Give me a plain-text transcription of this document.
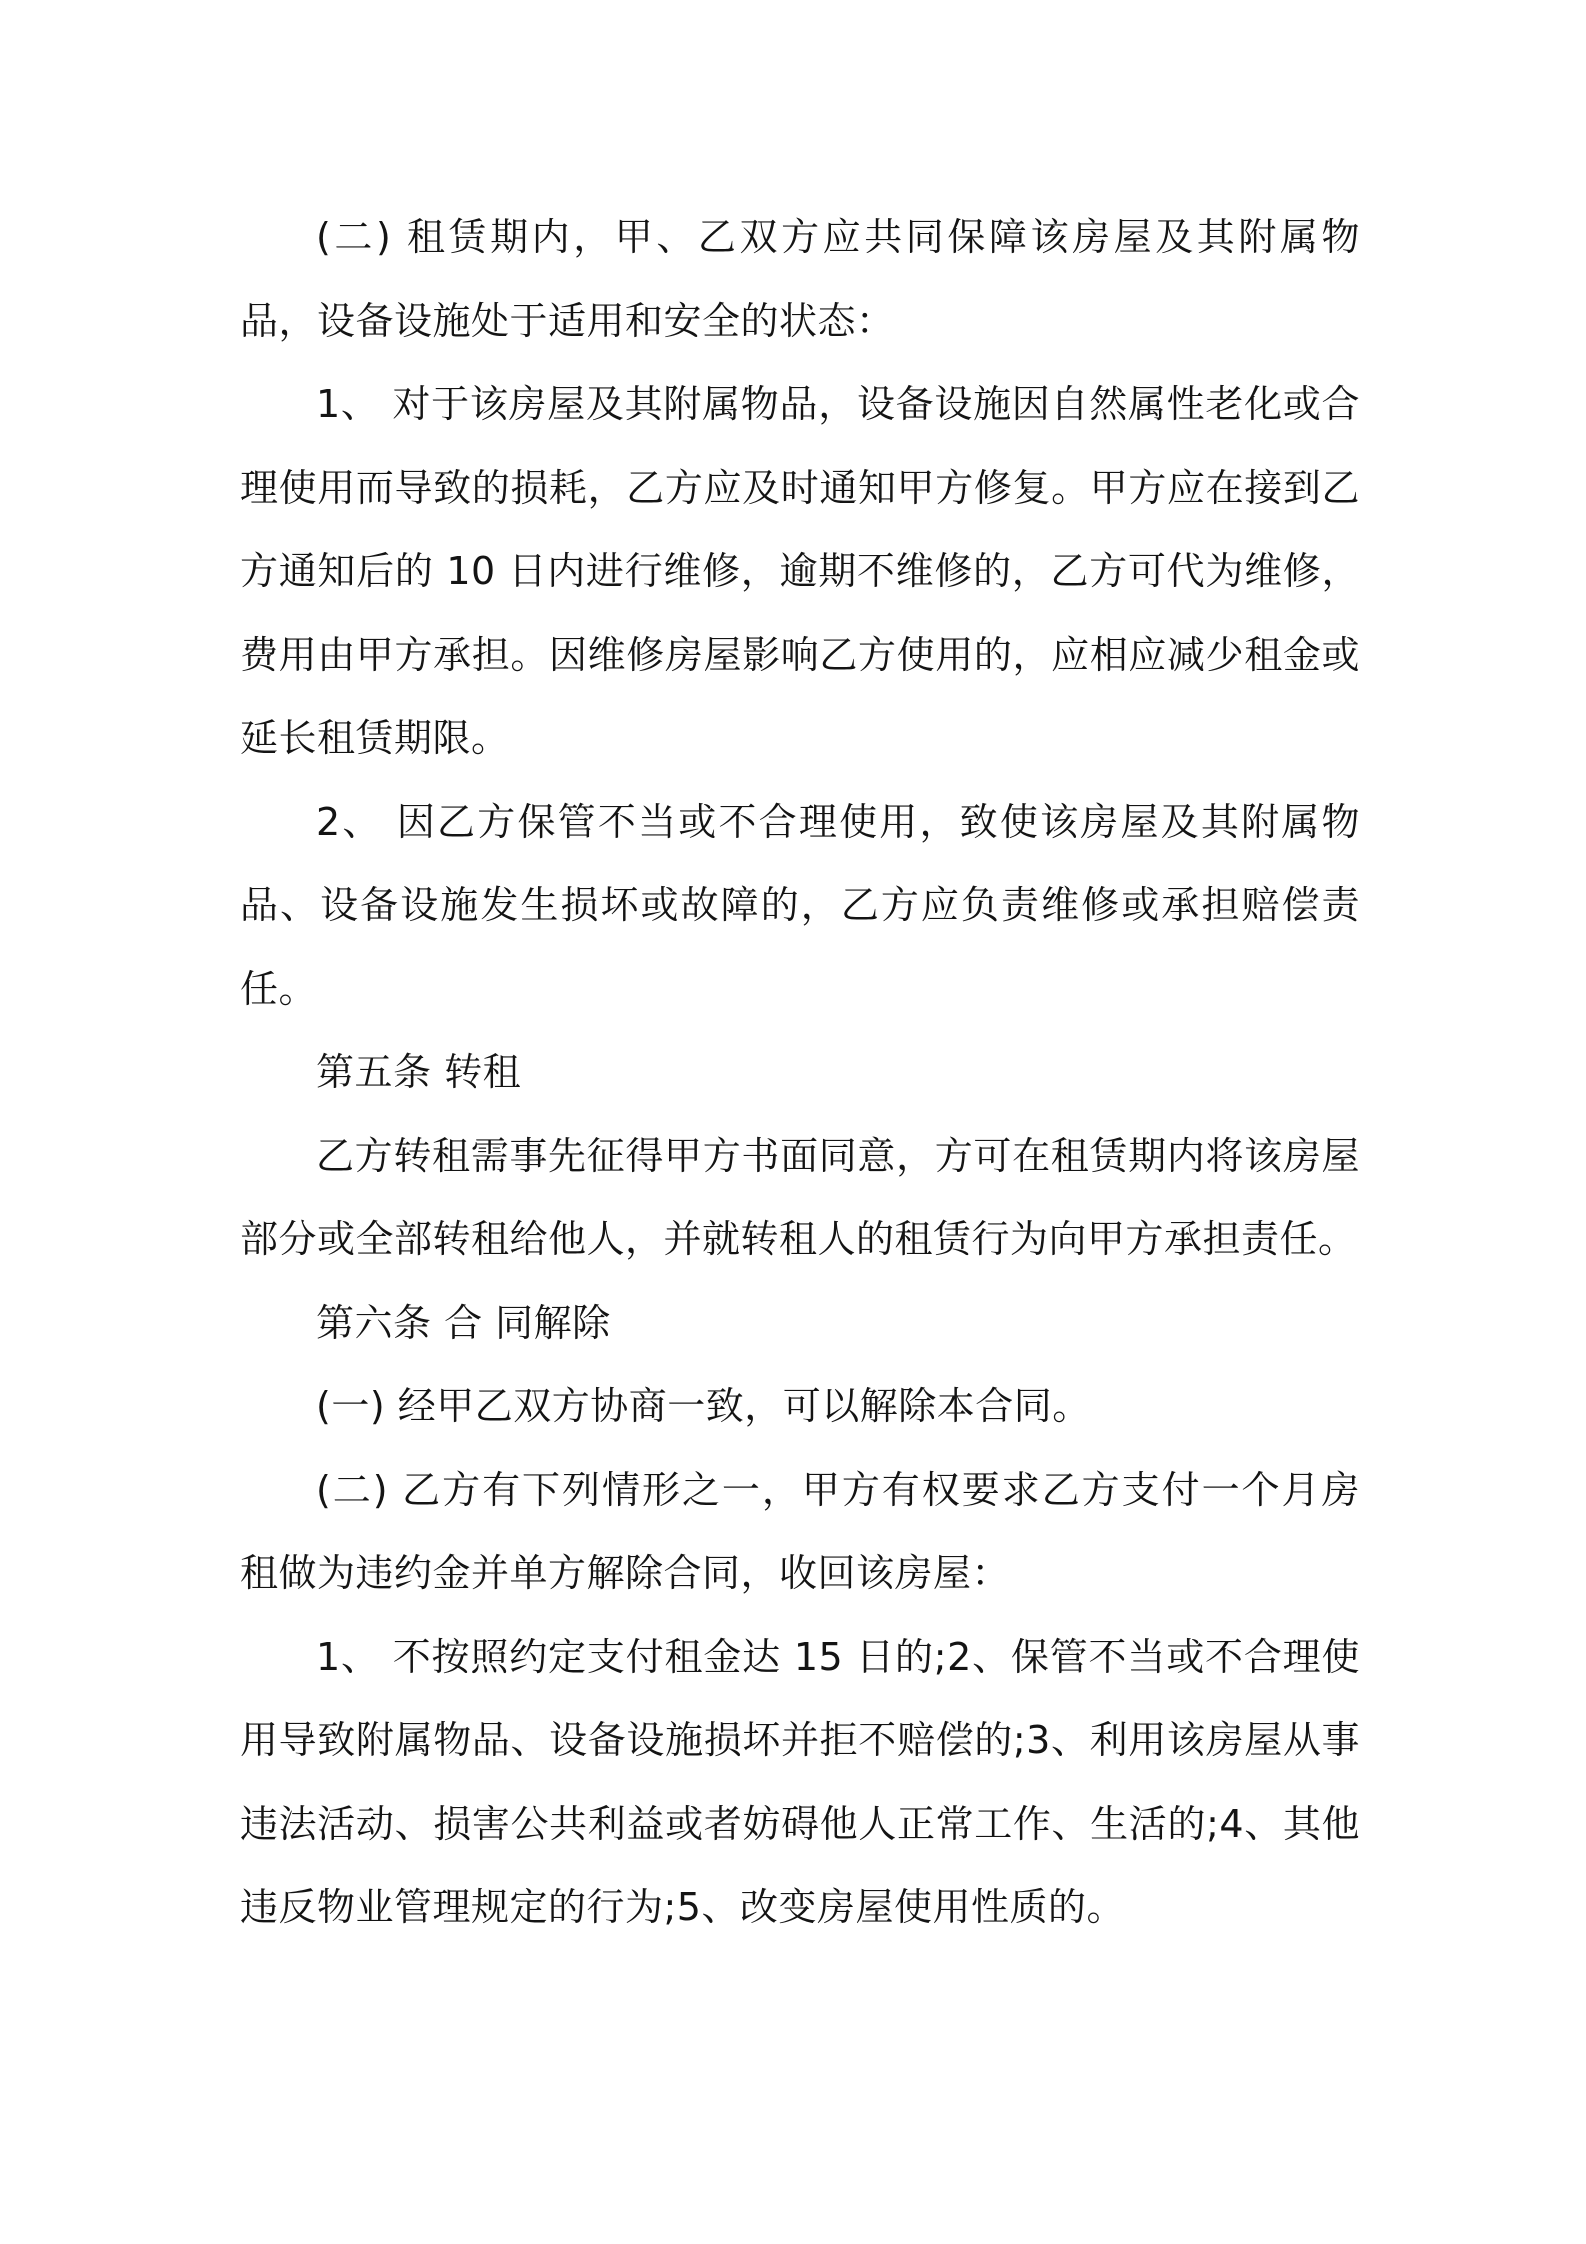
(二) 租赁期内，甲、乙双方应共同保障该房屋及其附属物品，设备设施处于适用和安全的状态：

1、 对于该房屋及其附属物品，设备设施因自然属性老化或合理使用而导致的损耗，乙方应及时通知甲方修复。甲方应在接到乙方通知后的 10 日内进行维修，逾期不维修的，乙方可代为维修，费用由甲方承担。因维修房屋影响乙方使用的，应相应减少租金或延长租赁期限。

2、 因乙方保管不当或不合理使用，致使该房屋及其附属物品、设备设施发生损坏或故障的，乙方应负责维修或承担赔偿责任。

第五条 转租

乙方转租需事先征得甲方书面同意，方可在租赁期内将该房屋部分或全部转租给他人，并就转租人的租赁行为向甲方承担责任。

第六条 合 同解除

(一) 经甲乙双方协商一致，可以解除本合同。

(二) 乙方有下列情形之一，甲方有权要求乙方支付一个月房租做为违约金并单方解除合同，收回该房屋：

1、 不按照约定支付租金达 15 日的;2、保管不当或不合理使用导致附属物品、设备设施损坏并拒不赔偿的;3、利用该房屋从事违法活动、损害公共利益或者妨碍他人正常工作、生活的;4、其他违反物业管理规定的行为;5、改变房屋使用性质的。
